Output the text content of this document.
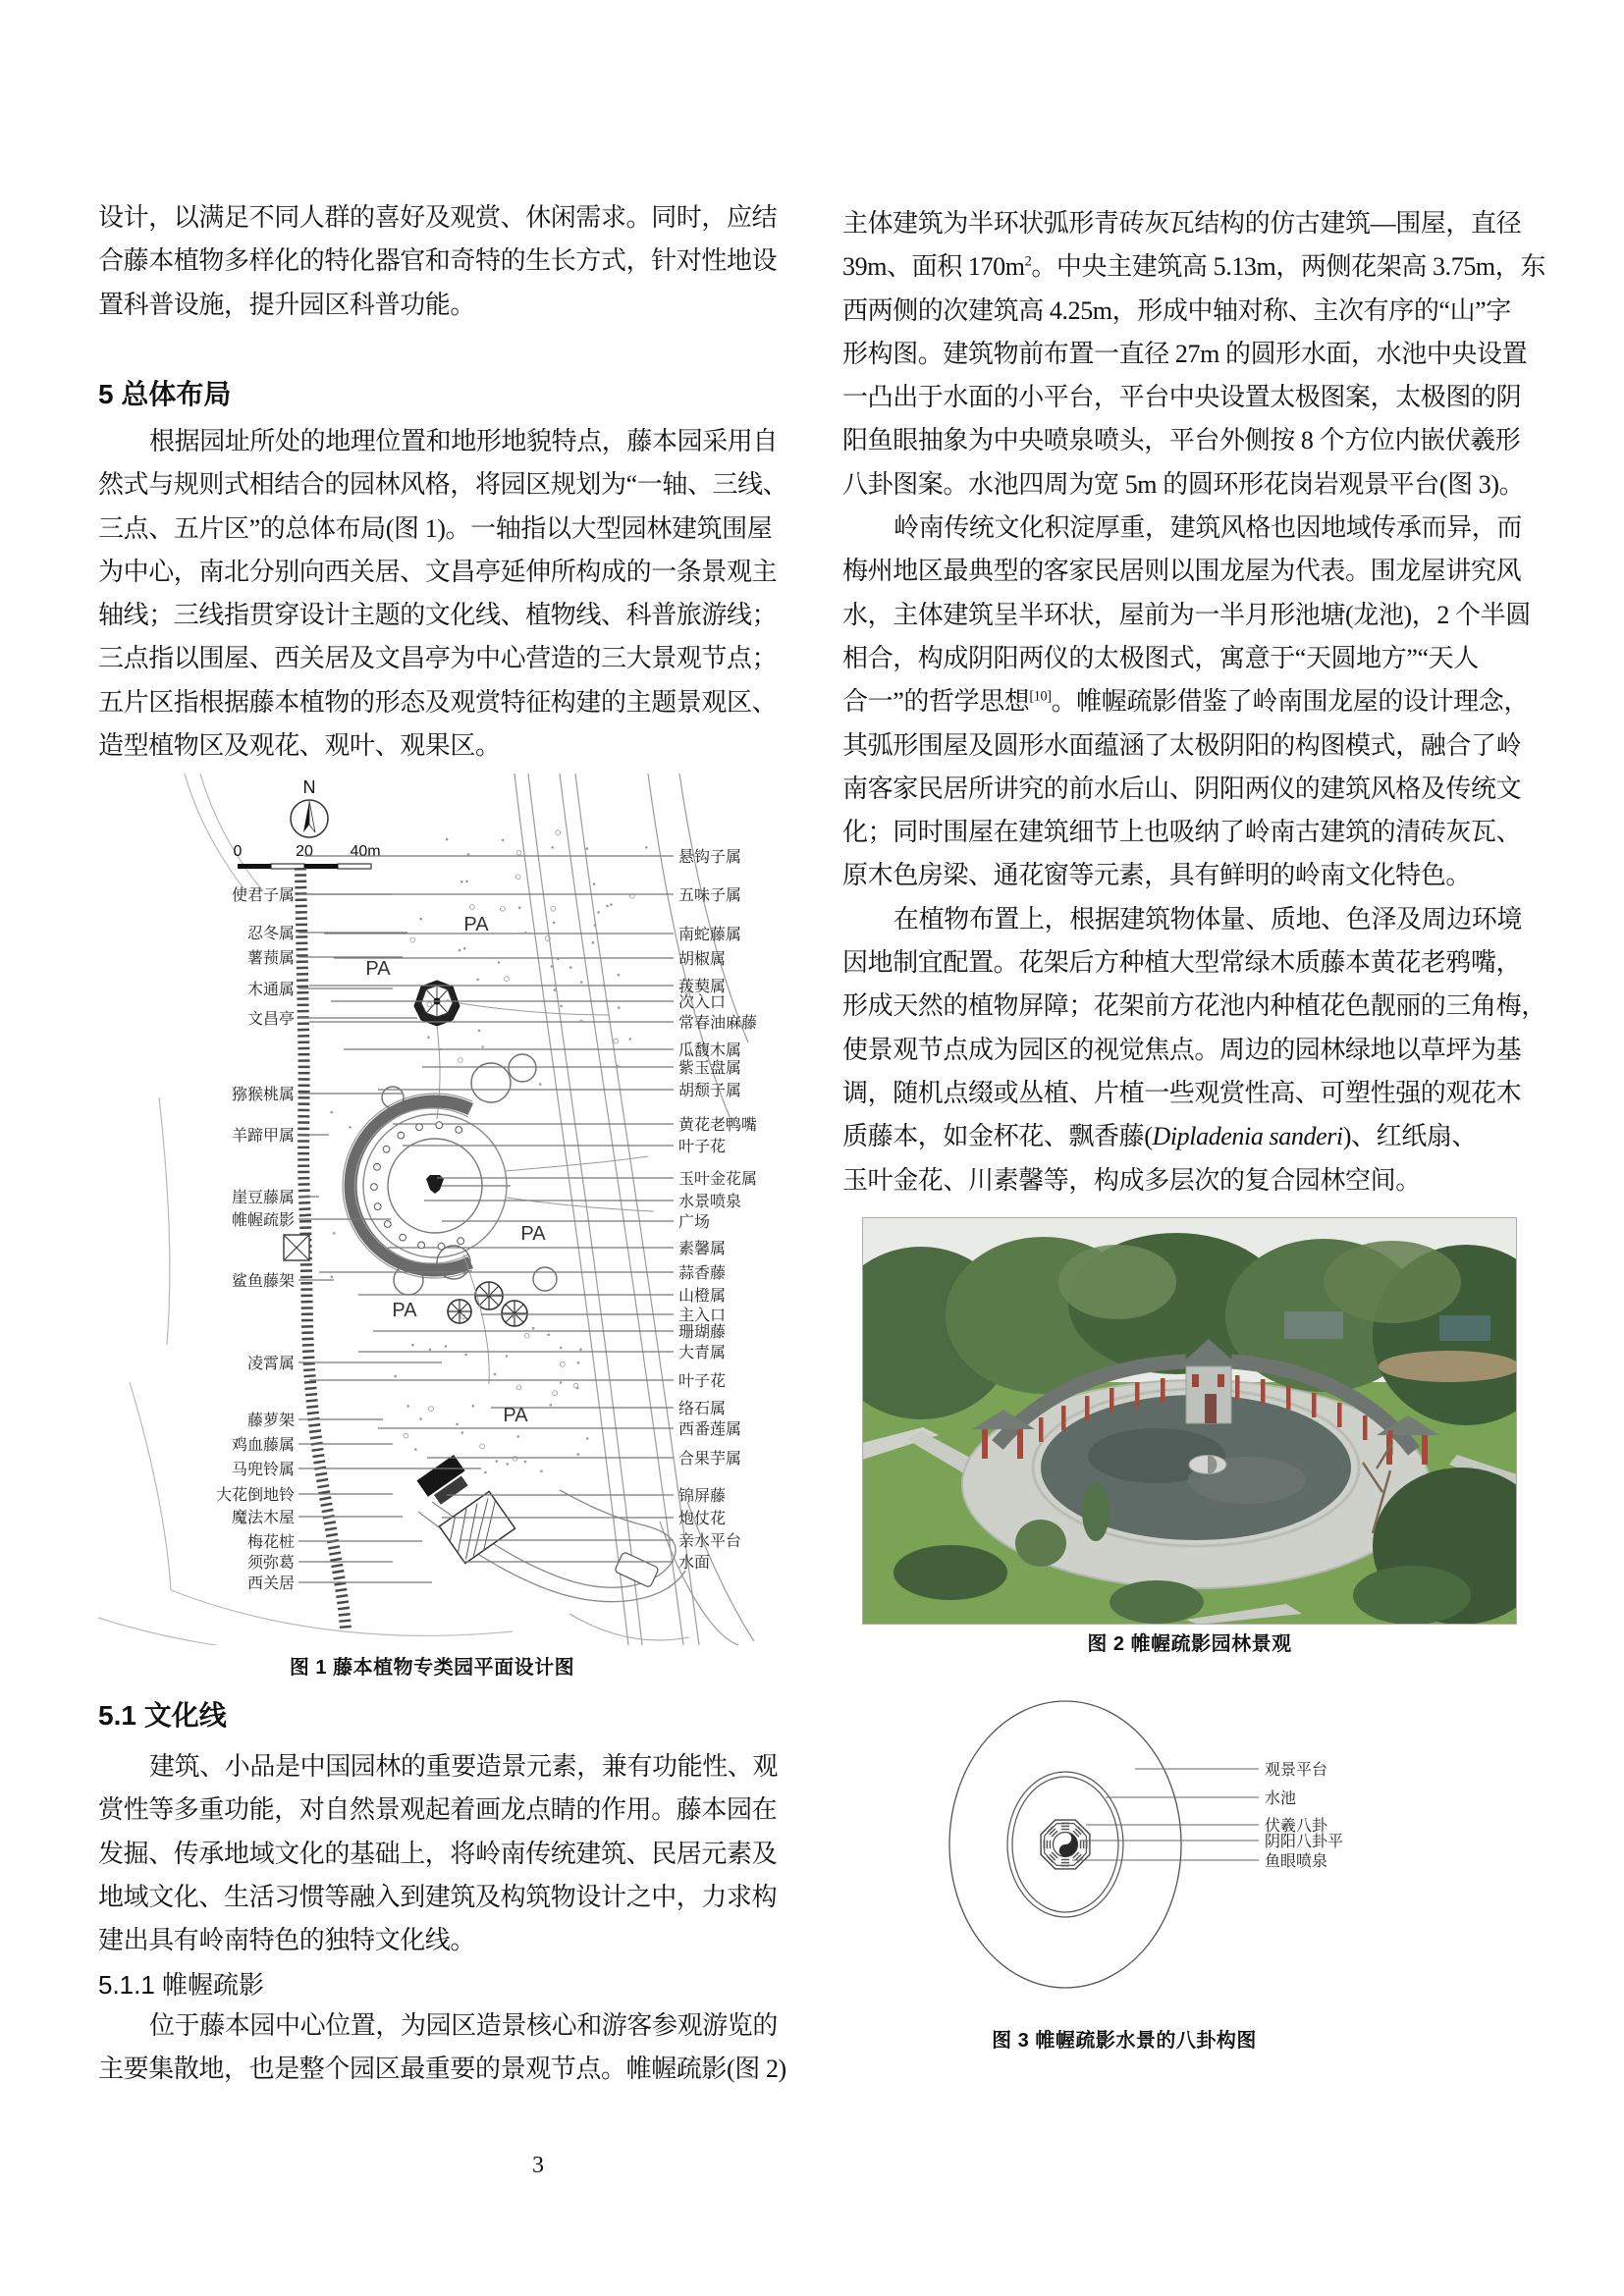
设计，以满足不同人群的喜好及观赏、休闲需求。同时，应结
合藤本植物多样化的特化器官和奇特的生长方式，针对性地设
置科普设施，提升园区科普功能。
5 总体布局
根据园址所处的地理位置和地形地貌特点，藤本园采用自
然式与规则式相结合的园林风格，将园区规划为“一轴、三线、
三点、五片区”的总体布局(图 1)。一轴指以大型园林建筑围屋
为中心，南北分别向西关居、文昌亭延伸所构成的一条景观主
轴线；三线指贯穿设计主题的文化线、植物线、科普旅游线；
三点指以围屋、西关居及文昌亭为中心营造的三大景观节点；
五片区指根据藤本植物的形态及观赏特征构建的主题景观区、
造型植物区及观花、观叶、观果区。
N
0	20 40m
使君子属
忍冬属
薯蓣属
木通属
文昌亭
猕猴桃属
羊蹄甲属
崖豆藤属
帷幄疏影
鲨鱼藤架
凌霄属
藤萝架
鸡血藤属
马兜铃属
大花倒地铃
魔法木屋
梅花桩
须弥葛
西关居
悬钩子属
五味子属
南蛇藤属
胡椒属
菝葜属
次入口
常春油麻藤
瓜馥木属
紫玉盘属
胡颓子属
黄花老鸭嘴
叶子花
玉叶金花属
水景喷泉
广场
素馨属
蒜香藤
山橙属
主入口
珊瑚藤
大青属
叶子花
络石属
西番莲属
合果芋属
锦屏藤
炮仗花
亲水平台
水面
PA
PA
PA
PA
PA
图 1 藤本植物专类园平面设计图
5.1 文化线
建筑、小品是中国园林的重要造景元素，兼有功能性、观
赏性等多重功能，对自然景观起着画龙点睛的作用。藤本园在
发掘、传承地域文化的基础上，将岭南传统建筑、民居元素及
地域文化、生活习惯等融入到建筑及构筑物设计之中，力求构
建出具有岭南特色的独特文化线。
5.1.1 帷幄疏影
位于藤本园中心位置，为园区造景核心和游客参观游览的
主要集散地，也是整个园区最重要的景观节点。帷幄疏影(图 2)
主体建筑为半环状弧形青砖灰瓦结构的仿古建筑—围屋，直径
39m、面积 $170m^2$。中央主建筑高 5.13m，两侧花架高 3.75m，东
西两侧的次建筑高 4.25m，形成中轴对称、主次有序的“山”字
形构图。建筑物前布置一直径 27m 的圆形水面，水池中央设置
一凸出于水面的小平台，平台中央设置太极图案，太极图的阴
阳鱼眼抽象为中央喷泉喷头，平台外侧按 8 个方位内嵌伏羲形
八卦图案。水池四周为宽 5m 的圆环形花岗岩观景平台(图 3)。
岭南传统文化积淀厚重，建筑风格也因地域传承而异，而
梅州地区最典型的客家民居则以围龙屋为代表。围龙屋讲究风
水，主体建筑呈半环状，屋前为一半月形池塘(龙池)，2 个半圆
相合，构成阴阳两仪的太极图式，寓意于“天圆地方”“天人
合一”的哲学思想[10]。帷幄疏影借鉴了岭南围龙屋的设计理念，
其弧形围屋及圆形水面蕴涵了太极阴阳的构图模式，融合了岭
南客家民居所讲究的前水后山、阴阳两仪的建筑风格及传统文
化；同时围屋在建筑细节上也吸纳了岭南古建筑的清砖灰瓦、
原木色房梁、通花窗等元素，具有鲜明的岭南文化特色。
在植物布置上，根据建筑物体量、质地、色泽及周边环境
因地制宜配置。花架后方种植大型常绿木质藤本黄花老鸦嘴，
形成天然的植物屏障；花架前方花池内种植花色靓丽的三角梅，
使景观节点成为园区的视觉焦点。周边的园林绿地以草坪为基
调，随机点缀或丛植、片植一些观赏性高、可塑性强的观花木
质藤本，如金杯花、飘香藤(Dipladenia sanderi)、红纸扇、
玉叶金花、川素馨等，构成多层次的复合园林空间。
图 2 帷幄疏影园林景观
观景平台
水池
伏羲八卦
阴阳八卦平
鱼眼喷泉
图 3 帷幄疏影水景的八卦构图
3
